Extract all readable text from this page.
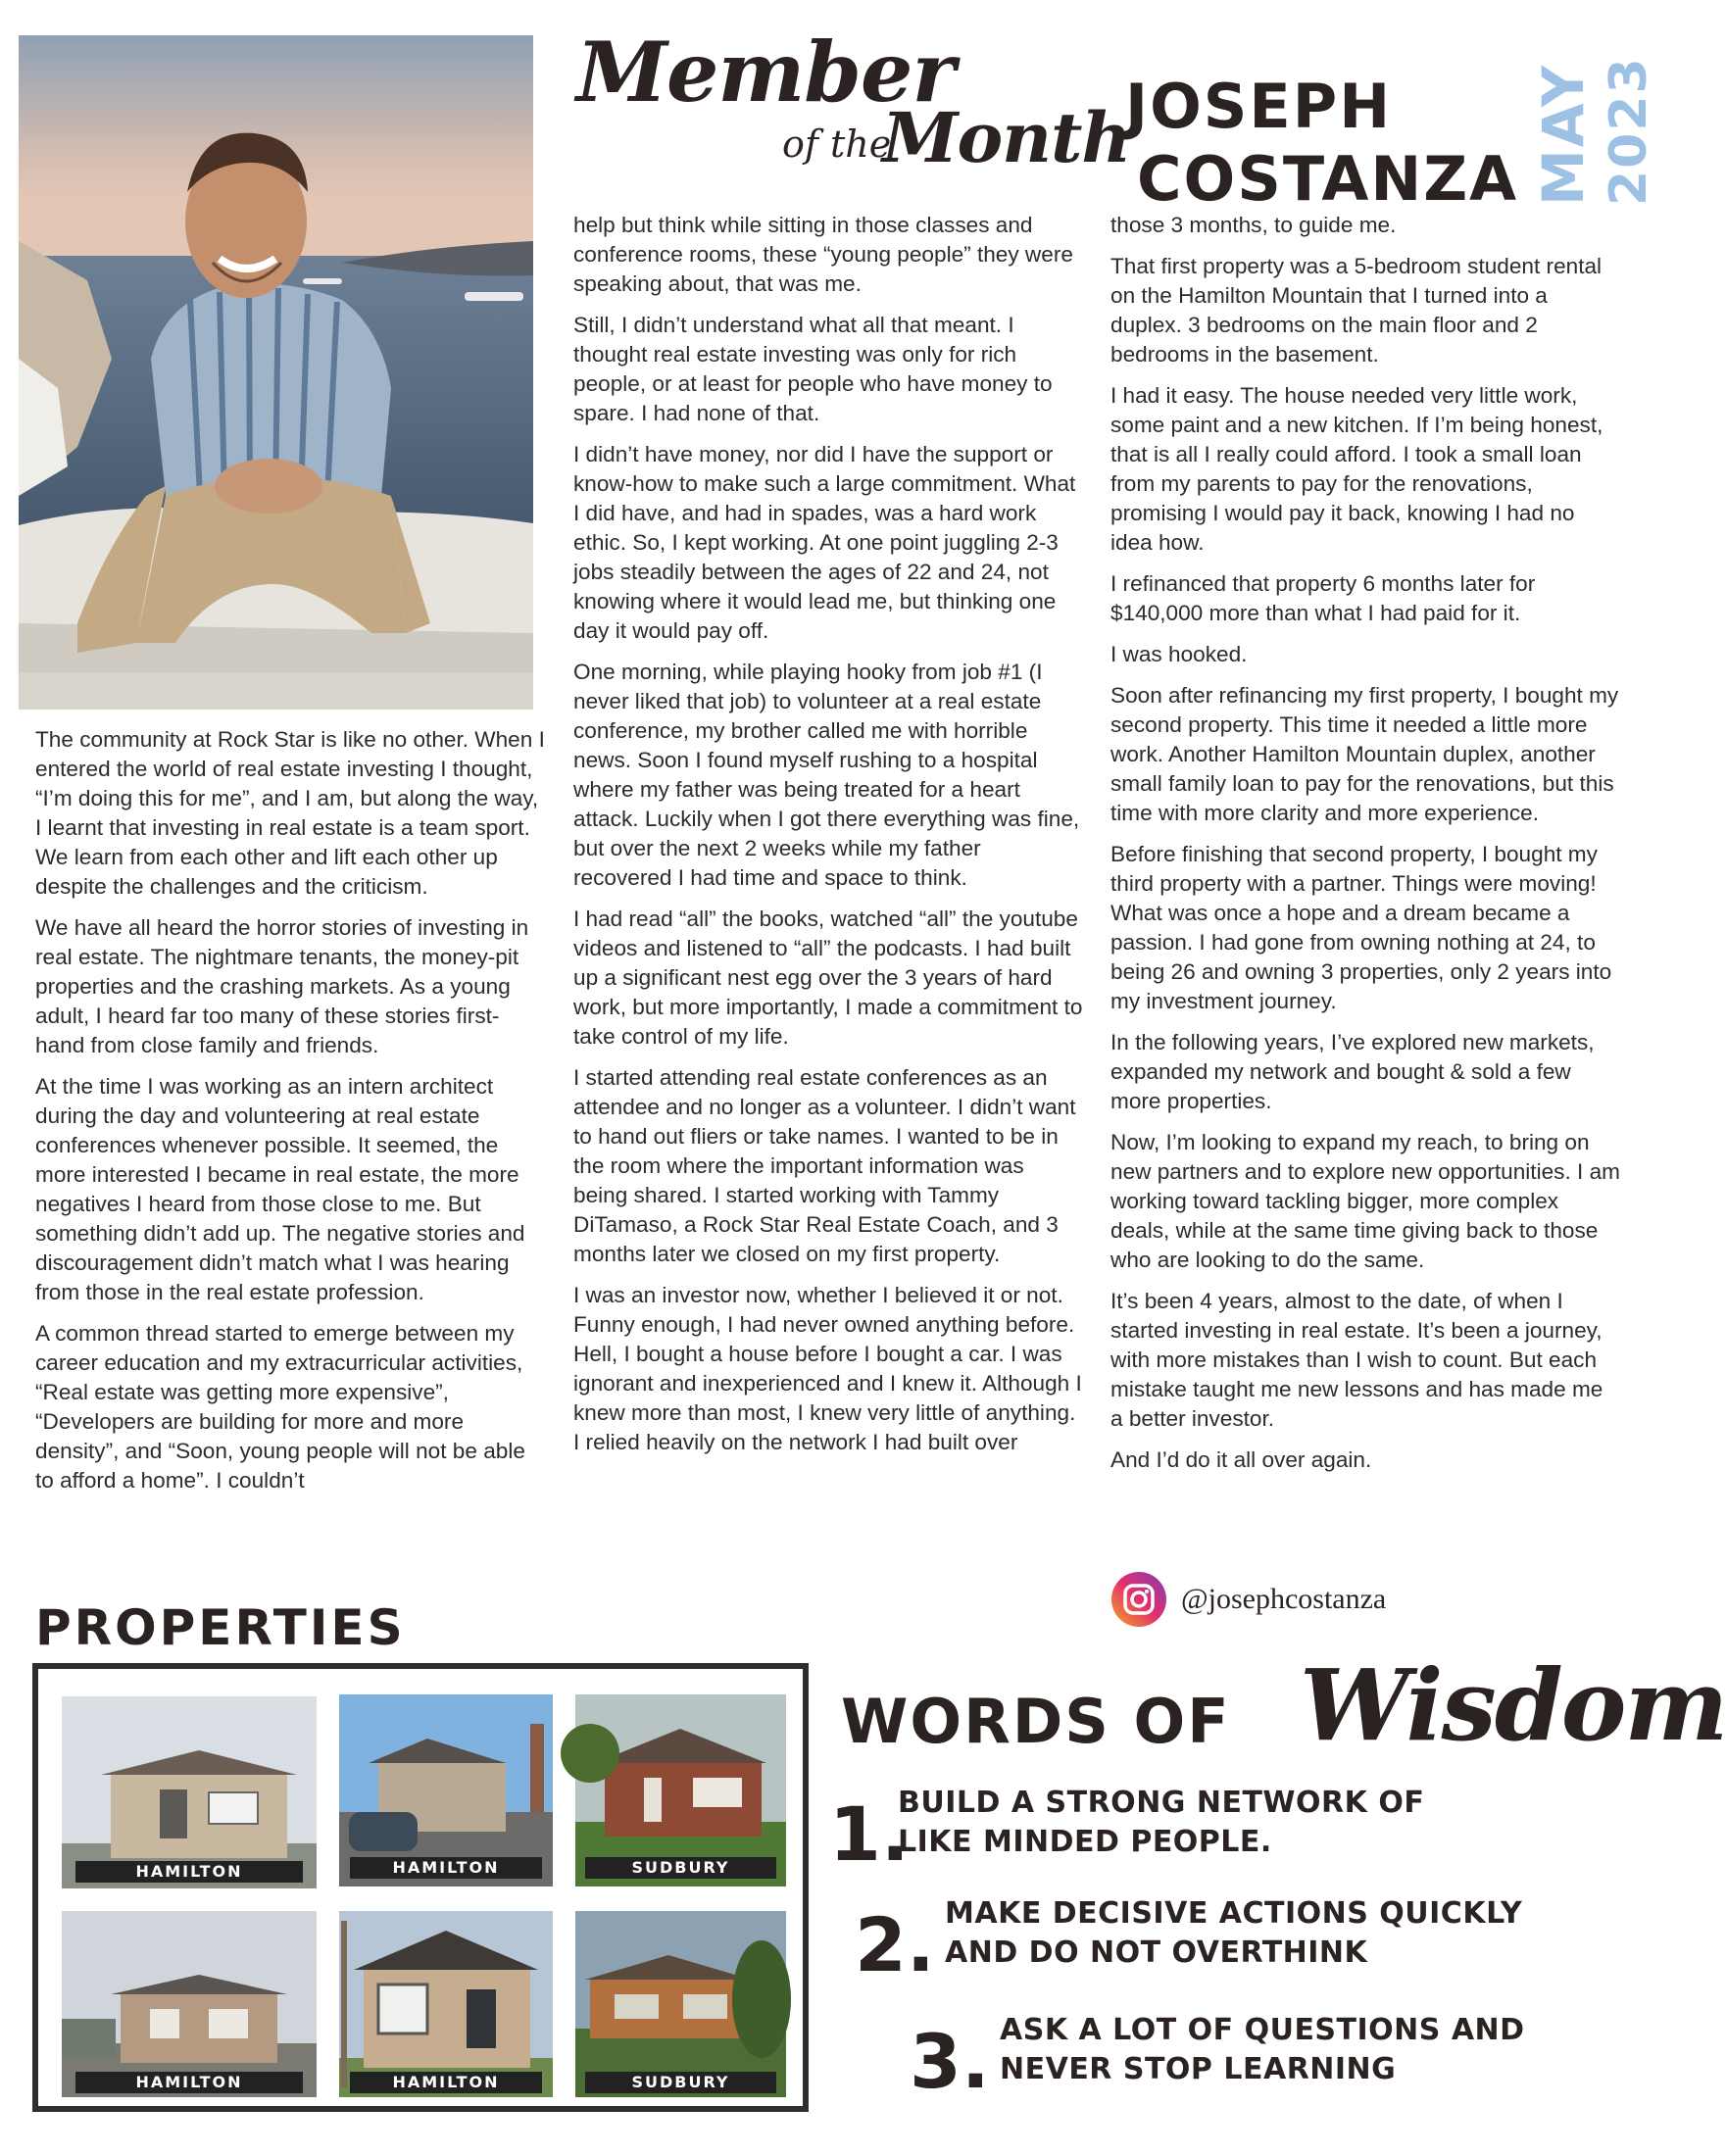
Member
of the
Month
JOSEPH
COSTANZA MAY 2023

The community at Rock Star is like no other. When I entered the world of real estate investing I thought, “I’m doing this for me”, and I am, but along the way, I learnt that investing in real estate is a team sport. We learn from each other and lift each other up despite the challenges and the criticism.

We have all heard the horror stories of investing in real estate. The nightmare tenants, the money-pit properties and the crashing markets. As a young adult, I heard far too many of these stories first-hand from close family and friends.

At the time I was working as an intern architect during the day and volunteering at real estate conferences whenever possible. It seemed, the more interested I became in real estate, the more negatives I heard from those close to me. But something didn’t add up. The negative stories and discouragement didn’t match what I was hearing from those in the real estate profession.

A common thread started to emerge between my career education and my extracurricular activities, “Real estate was getting more expensive”, “Developers are building for more and more density”, and “Soon, young people will not be able to afford a home”. I couldn’t

help but think while sitting in those classes and conference rooms, these “young people” they were speaking about, that was me.

Still, I didn’t understand what all that meant. I thought real estate investing was only for rich people, or at least for people who have money to spare. I had none of that.

I didn’t have money, nor did I have the support or know-how to make such a large commitment. What I did have, and had in spades, was a hard work ethic. So, I kept working. At one point juggling 2-3 jobs steadily between the ages of 22 and 24, not knowing where it would lead me, but thinking one day it would pay off.

One morning, while playing hooky from job #1 (I never liked that job) to volunteer at a real estate conference, my brother called me with horrible news. Soon I found myself rushing to a hospital where my father was being treated for a heart attack. Luckily when I got there everything was fine, but over the next 2 weeks while my father recovered I had time and space to think.

I had read “all” the books, watched “all” the youtube videos and listened to “all” the podcasts. I had built up a significant nest egg over the 3 years of hard work, but more importantly, I made a commitment to take control of my life.

I started attending real estate conferences as an attendee and no longer as a volunteer. I didn’t want to hand out fliers or take names. I wanted to be in the room where the important information was being shared. I started working with Tammy DiTamaso, a Rock Star Real Estate Coach, and 3 months later we closed on my first property.

I was an investor now, whether I believed it or not. Funny enough, I had never owned anything before. Hell, I bought a house before I bought a car. I was ignorant and inexperienced and I knew it. Although I knew more than most, I knew very little of anything. I relied heavily on the network I had built over

those 3 months, to guide me.

That first property was a 5-bedroom student rental on the Hamilton Mountain that I turned into a duplex. 3 bedrooms on the main floor and 2 bedrooms in the basement.

I had it easy. The house needed very little work, some paint and a new kitchen. If I’m being honest, that is all I really could afford. I took a small loan from my parents to pay for the renovations, promising I would pay it back, knowing I had no idea how.

I refinanced that property 6 months later for $140,000 more than what I had paid for it.

I was hooked.

Soon after refinancing my first property, I bought my second property. This time it needed a little more work. Another Hamilton Mountain duplex, another small family loan to pay for the renovations, but this time with more clarity and more experience.

Before finishing that second property, I bought my third property with a partner. Things were moving! What was once a hope and a dream became a passion. I had gone from owning nothing at 24, to being 26 and owning 3 properties, only 2 years into my investment journey.

In the following years, I’ve explored new markets, expanded my network and bought & sold a few more properties.

Now, I’m looking to expand my reach, to bring on new partners and to explore new opportunities. I am working toward tackling bigger, more complex deals, while at the same time giving back to those who are looking to do the same.

It’s been 4 years, almost to the date, of when I started investing in real estate. It’s been a journey, with more mistakes than I wish to count. But each mistake taught me new lessons and has made me a better investor.

And I’d do it all over again.

@josephcostanza
PROPERTIES
HAMILTON	HAMILTON	SUDBURY
HAMILTON	HAMILTON	SUDBURY
WORDS OF Wisdom
1.
BUILD A STRONG NETWORK OF
LIKE MINDED PEOPLE.
2. MAKE DECISIVE ACTIONS QUICKLY
AND DO NOT OVERTHINK
3. ASK A LOT OF QUESTIONS AND
NEVER STOP LEARNING
